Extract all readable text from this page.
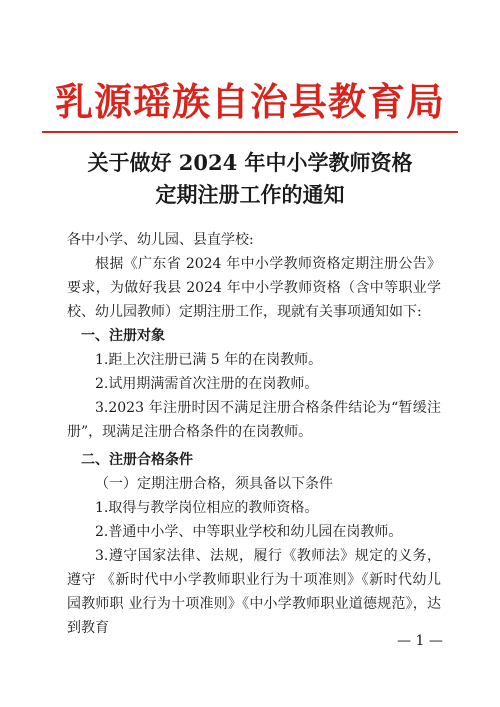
乳源瑶族自治县教育局
关于做好 2024 年中小学教师资格
定期注册工作的通知

各中小学、幼儿园、县直学校:

根据《广东省 2024 年中小学教师资格定期注册公告》要求，为做好我县 2024 年中小学教师资格（含中等职业学校、幼儿园教师）定期注册工作，现就有关事项通知如下:

一、注册对象

1.距上次注册已满 5 年的在岗教师。

2.试用期满需首次注册的在岗教师。

3.2023 年注册时因不满足注册合格条件结论为“暂缓注册”，现满足注册合格条件的在岗教师。

二、注册合格条件

（一）定期注册合格，须具备以下条件

1.取得与教学岗位相应的教师资格。

2.普通中小学、中等职业学校和幼儿园在岗教师。

3.遵守国家法律、法规，履行《教师法》规定的义务，遵守 《新时代中小学教师职业行为十项准则》《新时代幼儿园教师职 业行为十项准则》《中小学教师职业道德规范》，达到教育

— 1 —
